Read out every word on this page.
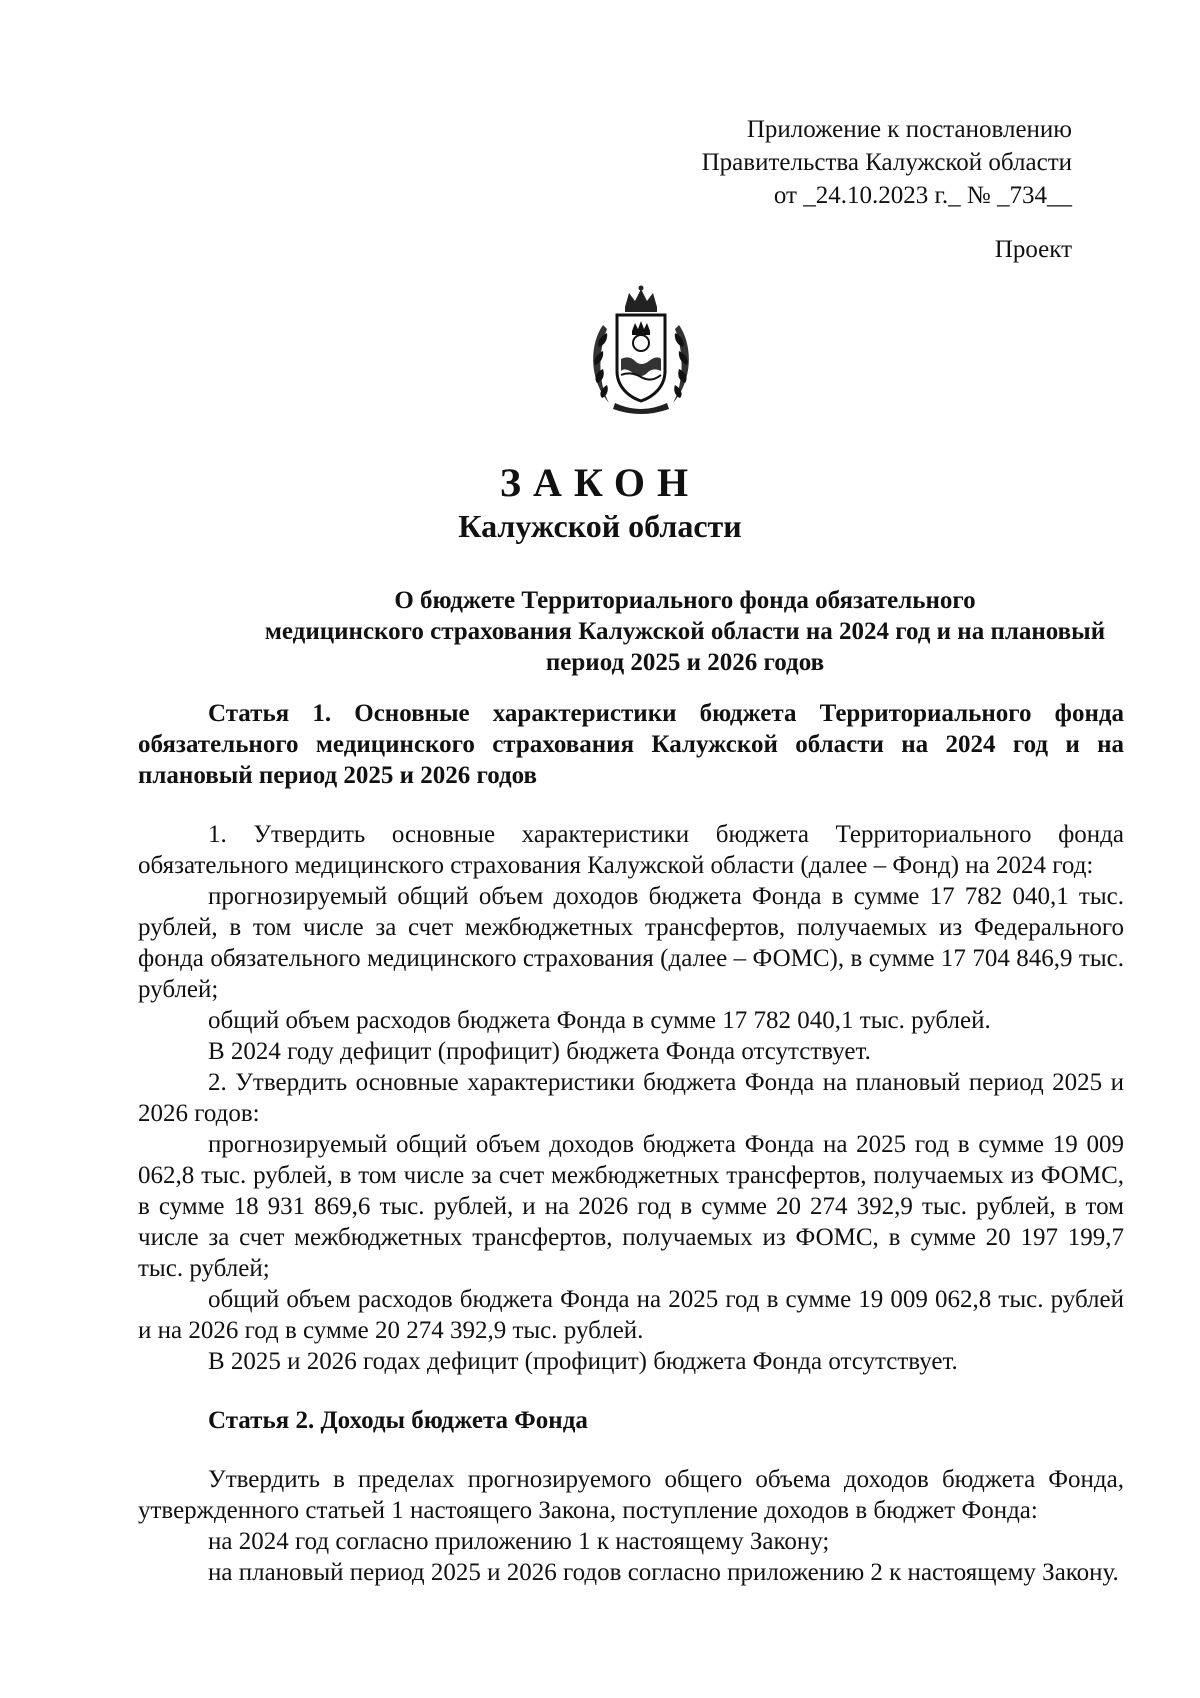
Приложение к постановлению
Правительства Калужской области
от _24.10.2023 г._ № _734__
Проект
ЗАКОН
Калужской области
О бюджете Территориального фонда обязательного
медицинского страхования Калужской области на 2024 год и на плановый
период 2025 и 2026 годов

Статья 1. Основные характеристики бюджета Территориального фонда обязательного медицинского страхования Калужской области на 2024 год и на плановый период 2025 и 2026 годов

1. Утвердить основные характеристики бюджета Территориального фонда обязательного медицинского страхования Калужской области (далее – Фонд) на 2024 год:

прогнозируемый общий объем доходов бюджета Фонда в сумме 17 782 040,1 тыс. рублей, в том числе за счет межбюджетных трансфертов, получаемых из Федерального фонда обязательного медицинского страхования (далее – ФОМС), в сумме 17 704 846,9 тыс. рублей;

общий объем расходов бюджета Фонда в сумме 17 782 040,1 тыс. рублей.

В 2024 году дефицит (профицит) бюджета Фонда отсутствует.

2. Утвердить основные характеристики бюджета Фонда на плановый период 2025 и 2026 годов:

прогнозируемый общий объем доходов бюджета Фонда на 2025 год в сумме 19 009 062,8 тыс. рублей, в том числе за счет межбюджетных трансфертов, получаемых из ФОМС, в сумме 18 931 869,6 тыс. рублей, и на 2026 год в сумме 20 274 392,9 тыс. рублей, в том числе за счет межбюджетных трансфертов, получаемых из ФОМС, в сумме 20 197 199,7 тыс. рублей;

общий объем расходов бюджета Фонда на 2025 год в сумме 19 009 062,8 тыс. рублей и на 2026 год в сумме 20 274 392,9 тыс. рублей.

В 2025 и 2026 годах дефицит (профицит) бюджета Фонда отсутствует.

Статья 2. Доходы бюджета Фонда

Утвердить в пределах прогнозируемого общего объема доходов бюджета Фонда, утвержденного статьей 1 настоящего Закона, поступление доходов в бюджет Фонда:

на 2024 год согласно приложению 1 к настоящему Закону;

на плановый период 2025 и 2026 годов согласно приложению 2 к настоящему Закону.
